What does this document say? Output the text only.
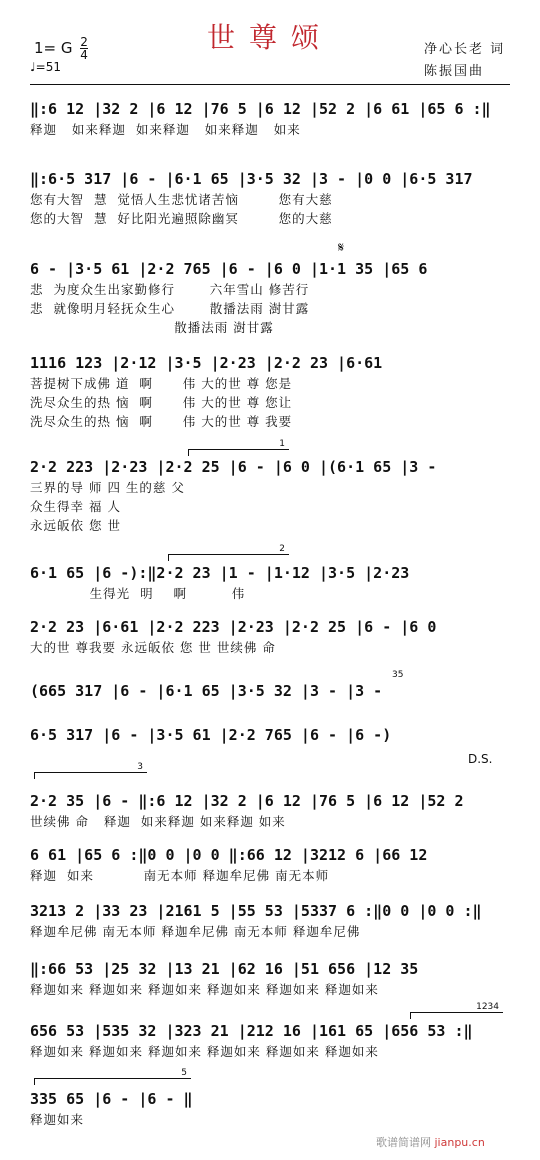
世尊颂
1= G $\frac{2}{4}$
♩=51
净心长老 词
陈振国曲
‖:6 12 |32 2 |6 12 |76 5 |6 12 |52 2 |6 61 |65 6 :‖
释迦   如来释迦  如来释迦   如来释迦   如来
‖:6·5 317 |6 - |6·1 65 |3·5 32 |3 - |0 0 |6·5 317
您有大智  慧  觉悟人生悲忧诸苦恼        您有大慈
您的大智  慧  好比阳光遍照除幽冥        您的大慈
𝄋
6 - |3·5 61 |2·2 765 |6 - |6 0 |1·1 35 |65 6
悲  为度众生出家勤修行       六年雪山 修苦行
悲  就像明月轻抚众生心       散播法雨 澍甘露
散播法雨 澍甘露
1116 123 |2·12 |3·5 |2·23 |2·2 23 |6·61
菩提树下成佛 道  啊      伟 大的世 尊 您是
洗尽众生的热 恼  啊      伟 大的世 尊 您让
洗尽众生的热 恼  啊      伟 大的世 尊 我要
1
2·2 223 |2·23 |2·2 25 |6 - |6 0 |(6·1 65 |3 -
三界的导 师 四 生的慈 父
众生得幸 福 人
永远皈依 您 世
2
6·1 65 |6 -):‖2·2 23 |1 - |1·12 |3·5 |2·23
生得光  明    啊         伟
2·2 23 |6·61 |2·2 223 |2·23 |2·2 25 |6 - |6 0
大的世 尊我要 永远皈依 您 世 世续佛 命
35
(665 317 |6 - |6·1 65 |3·5 32 |3 - |3 -
6·5 317 |6 - |3·5 61 |2·2 765 |6 - |6 -)
D.S.
3
2·2 35 |6 - ‖:6 12 |32 2 |6 12 |76 5 |6 12 |52 2
世续佛 命   释迦  如来释迦 如来释迦 如来
6 61 |65 6 :‖0 0 |0 0 ‖:66 12 |3212 6 |66 12
释迦  如来          南无本师 释迦牟尼佛 南无本师
3213 2 |33 23 |2161 5 |55 53 |5337 6 :‖0 0 |0 0 :‖
释迦牟尼佛 南无本师 释迦牟尼佛 南无本师 释迦牟尼佛
‖:66 53 |25 32 |13 21 |62 16 |51 656 |12 35
释迦如来 释迦如来 释迦如来 释迦如来 释迦如来 释迦如来
1234
656 53 |535 32 |323 21 |212 16 |161 65 |656 53 :‖
释迦如来 释迦如来 释迦如来 释迦如来 释迦如来 释迦如来
5
335 65 |6 - |6 - ‖
释迦如来
歌谱简谱网 jianpu.cn
